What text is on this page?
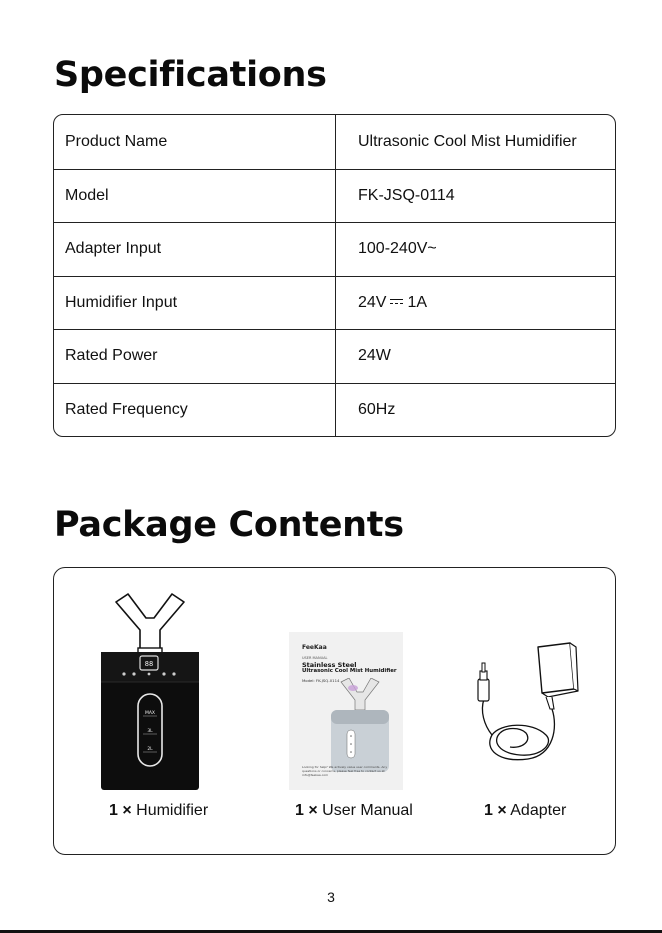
Specifications
Product Name	Ultrasonic Cool Mist Humidifier
Model	FK-JSQ-0114
Adapter Input	100-240V~
Humidifier Input	24V 1A
Rated Power	24W
Rated Frequency	60Hz
Package Contents
88
MAX
3L
2L
FeeKaa
USER MANUAL
Stainless Steel
Ultrasonic Cool Mist Humidifier
Model: FK-JSQ-0114
Looking for help? We actively value user comments. Any questions or concerns, please feel free to contact us at info@feekaa.com
1 × Humidifier	1 × User Manual	1 × Adapter
3
